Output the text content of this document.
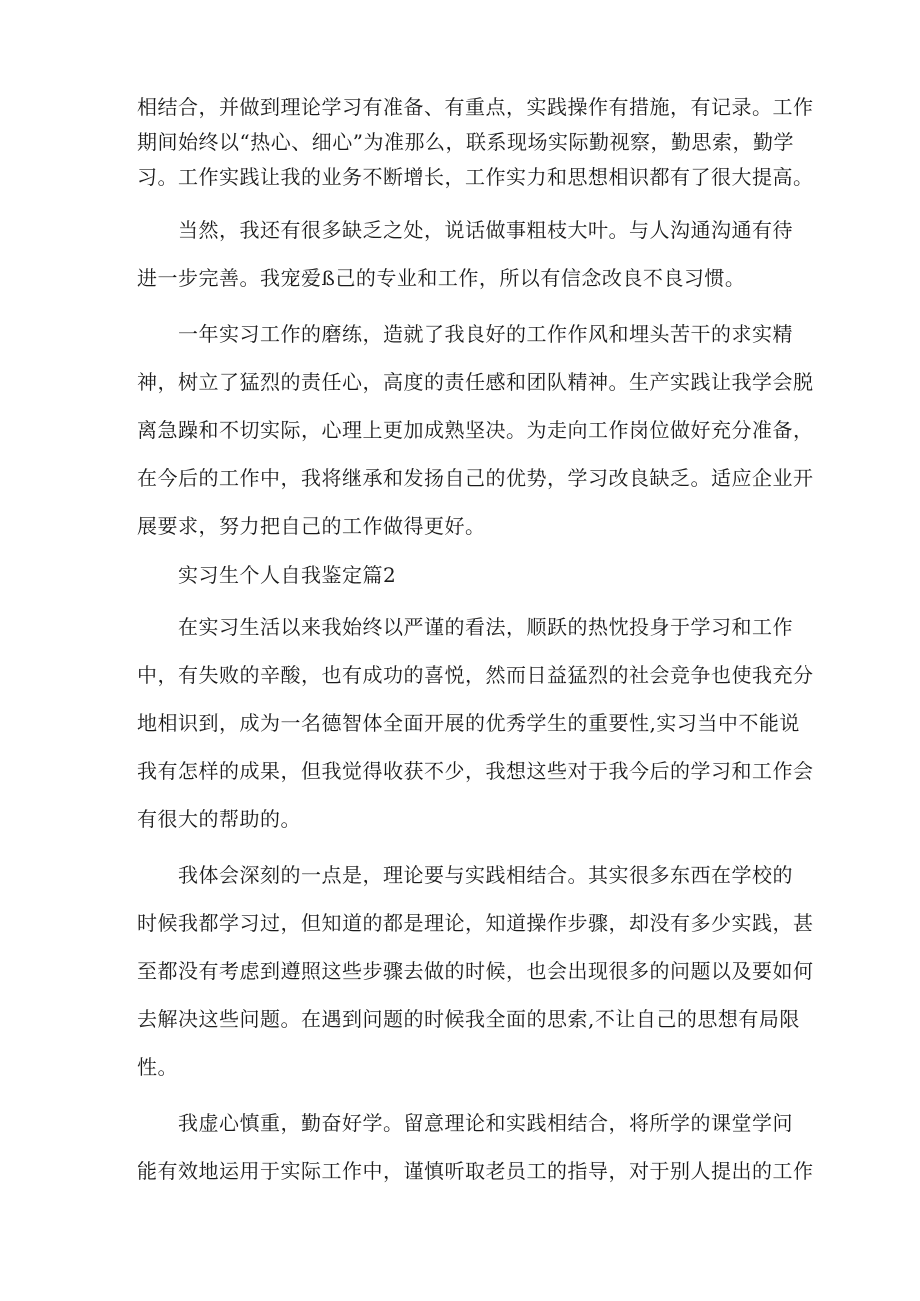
相结合，并做到理论学习有准备、有重点，实践操作有措施，有记录。工作
期间始终以“热心、细心”为准那么，联系现场实际勤视察，勤思索，勤学
习。工作实践让我的业务不断增长，工作实力和思想相识都有了很大提高。

当然，我还有很多缺乏之处，说话做事粗枝大叶。与人沟通沟通有待
进一步完善。我宠爱ß己的专业和工作，所以有信念改良不良习惯。

一年实习工作的磨练，造就了我良好的工作作风和埋头苦干的求实精
神，树立了猛烈的责任心，高度的责任感和团队精神。生产实践让我学会脱
离急躁和不切实际，心理上更加成熟坚决。为走向工作岗位做好充分准备，
在今后的工作中，我将继承和发扬自己的优势，学习改良缺乏。适应企业开
展要求，努力把自己的工作做得更好。

实习生个人自我鉴定篇2

在实习生活以来我始终以严谨的看法，顺跃的热忱投身于学习和工作
中，有失败的辛酸，也有成功的喜悦，然而日益猛烈的社会竞争也使我充分
地相识到，成为一名德智体全面开展的优秀学生的重要性,实习当中不能说
我有怎样的成果，但我觉得收获不少，我想这些对于我今后的学习和工作会
有很大的帮助的。

我体会深刻的一点是，理论要与实践相结合。其实很多东西在学校的
时候我都学习过，但知道的都是理论，知道操作步骤，却没有多少实践，甚
至都没有考虑到遵照这些步骤去做的时候，也会出现很多的问题以及要如何
去解决这些问题。在遇到问题的时候我全面的思索,不让自己的思想有局限
性。

我虚心慎重，勤奋好学。留意理论和实践相结合，将所学的课堂学问
能有效地运用于实际工作中，谨慎听取老员工的指导，对于别人提出的工作
